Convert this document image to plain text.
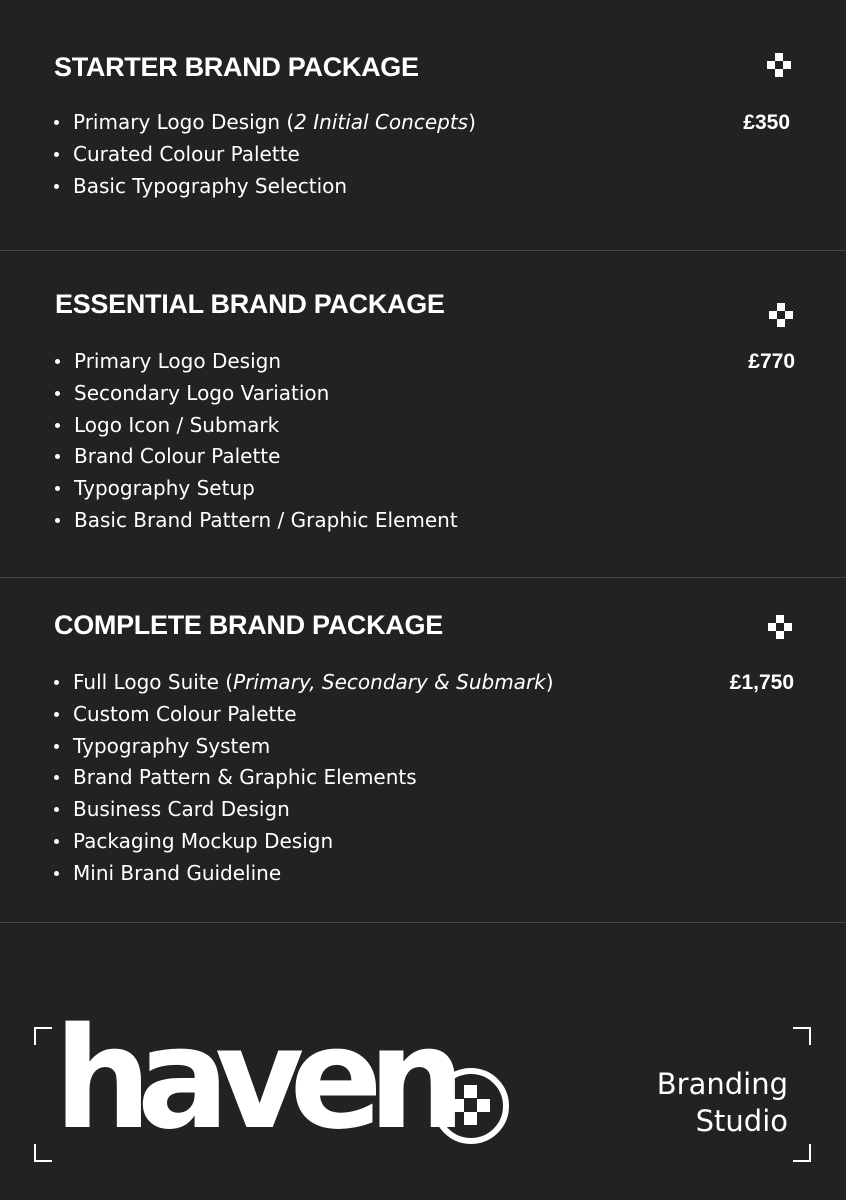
STARTER BRAND PACKAGE
£350
Primary Logo Design (2 Initial Concepts)
Curated Colour Palette
Basic Typography Selection
ESSENTIAL BRAND PACKAGE
£770
Primary Logo Design
Secondary Logo Variation
Logo Icon / Submark
Brand Colour Palette
Typography Setup
Basic Brand Pattern / Graphic Element
COMPLETE BRAND PACKAGE
£1,750
Full Logo Suite (Primary, Secondary & Submark)
Custom Colour Palette
Typography System
Brand Pattern & Graphic Elements
Business Card Design
Packaging Mockup Design
Mini Brand Guideline
haven	Branding
Studio
